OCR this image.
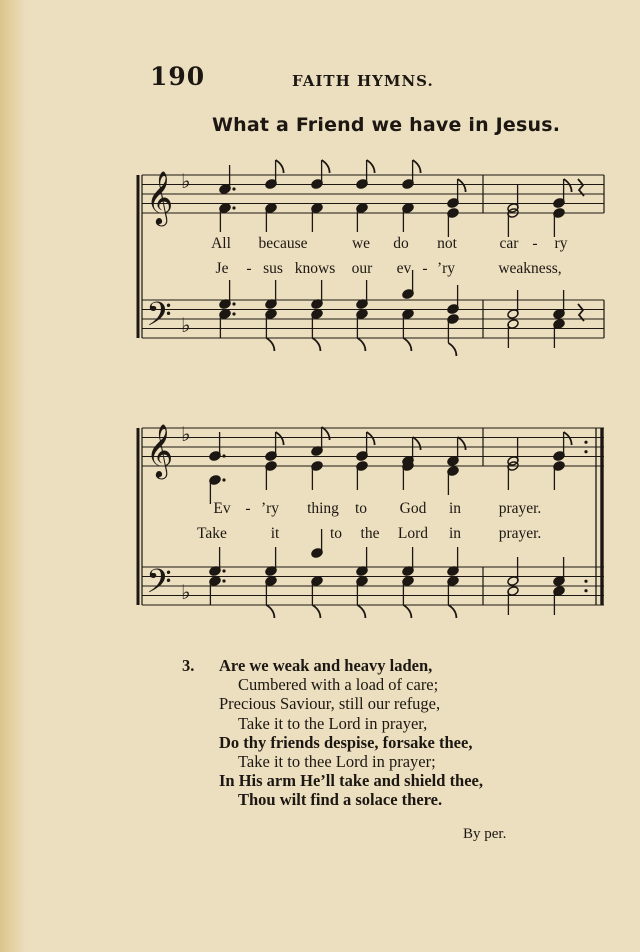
190	FAITH HYMNS.
What a Friend we have in Jesus.
𝄞
𝄢
♭
♭
𝄞
𝄢
♭
♭
All because	we do not	car - ry
Je - sus knows our ev - ’ry	weakness,
Ev - ’ry thing to God in prayer.
Take	it	to the Lord in prayer.
3. Are we weak and heavy laden,
Cumbered with a load of care;
Precious Saviour, still our refuge,
Take it to the Lord in prayer,
Do thy friends despise, forsake thee,
Take it to thee Lord in prayer;
In His arm He’ll take and shield thee,
Thou wilt find a solace there.
By per.
